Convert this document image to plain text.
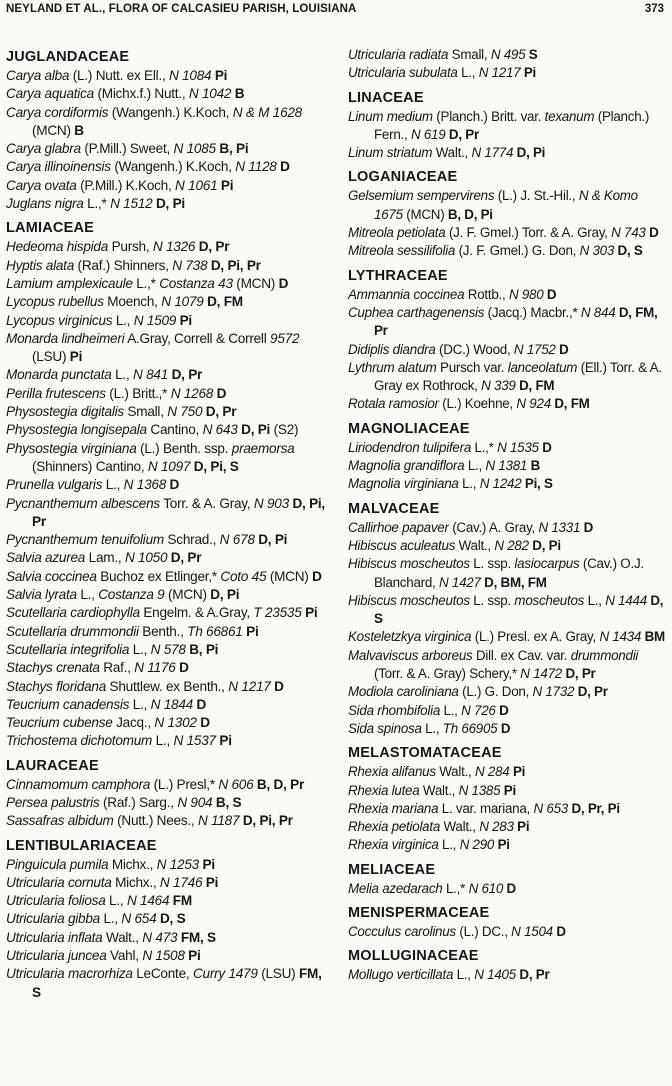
NEYLAND ET AL., FLORA OF CALCASIEU PARISH, LOUISIANA	373
JUGLANDACEAE
Carya alba (L.) Nutt. ex Ell., N 1084 Pi
Carya aquatica (Michx.f.) Nutt., N 1042 B
Carya cordiformis (Wangenh.) K.Koch, N & M 1628 (MCN) B
Carya glabra (P.Mill.) Sweet, N 1085 B, Pi
Carya illinoinensis (Wangenh.) K.Koch, N 1128 D
Carya ovata (P.Mill.) K.Koch, N 1061 Pi
Juglans nigra L.,* N 1512 D, Pi
LAMIACEAE
Hedeoma hispida Pursh, N 1326 D, Pr
Hyptis alata (Raf.) Shinners, N 738 D, Pi, Pr
Lamium amplexicaule L.,* Costanza 43 (MCN) D
Lycopus rubellus Moench, N 1079 D, FM
Lycopus virginicus L., N 1509 Pi
Monarda lindheimeri A.Gray, Correll & Correll 9572 (LSU) Pi
Monarda punctata L., N 841 D, Pr
Perilla frutescens (L.) Britt.,* N 1268 D
Physostegia digitalis Small, N 750 D, Pr
Physostegia longisepala Cantino, N 643 D, Pi (S2)
Physostegia virginiana (L.) Benth. ssp. praemorsa (Shinners) Cantino, N 1097 D, Pi, S
Prunella vulgaris L., N 1368 D
Pycnanthemum albescens Torr. & A. Gray, N 903 D, Pi, Pr
Pycnanthemum tenuifolium Schrad., N 678 D, Pi
Salvia azurea Lam., N 1050 D, Pr
Salvia coccinea Buchoz ex Etlinger,* Coto 45 (MCN) D
Salvia lyrata L., Costanza 9 (MCN) D, Pi
Scutellaria cardiophylla Engelm. & A.Gray, T 23535 Pi
Scutellaria drummondii Benth., Th 66861 Pi
Scutellaria integrifolia L., N 578 B, Pi
Stachys crenata Raf., N 1176 D
Stachys floridana Shuttlew. ex Benth., N 1217 D
Teucrium canadensis L., N 1844 D
Teucrium cubense Jacq., N 1302 D
Trichostema dichotomum L., N 1537 Pi
LAURACEAE
Cinnamomum camphora (L.) Presl,* N 606 B, D, Pr
Persea palustris (Raf.) Sarg., N 904 B, S
Sassafras albidum (Nutt.) Nees., N 1187 D, Pi, Pr
LENTIBULARIACEAE
Pinguicula pumila Michx., N 1253 Pi
Utricularia cornuta Michx., N 1746 Pi
Utricularia foliosa L., N 1464 FM
Utricularia gibba L., N 654 D, S
Utricularia inflata Walt., N 473 FM, S
Utricularia juncea Vahl, N 1508 Pi
Utricularia macrorhiza LeConte, Curry 1479 (LSU) FM, S
Utricularia radiata Small, N 495 S
Utricularia subulata L., N 1217 Pi
LINACEAE
Linum medium (Planch.) Britt. var. texanum (Planch.) Fern., N 619 D, Pr
Linum striatum Walt., N 1774 D, Pi
LOGANIACEAE
Gelsemium sempervirens (L.) J. St.-Hil., N & Komo 1675 (MCN) B, D, Pi
Mitreola petiolata (J. F. Gmel.) Torr. & A. Gray, N 743 D
Mitreola sessilifolia (J. F. Gmel.) G. Don, N 303 D, S
LYTHRACEAE
Ammannia coccinea Rottb., N 980 D
Cuphea carthagenensis (Jacq.) Macbr.,* N 844 D, FM, Pr
Didiplis diandra (DC.) Wood, N 1752 D
Lythrum alatum Pursch var. lanceolatum (Ell.) Torr. & A. Gray ex Rothrock, N 339 D, FM
Rotala ramosior (L.) Koehne, N 924 D, FM
MAGNOLIACEAE
Liriodendron tulipifera L.,* N 1535 D
Magnolia grandiflora L., N 1381 B
Magnolia virginiana L., N 1242 Pi, S
MALVACEAE
Callirhoe papaver (Cav.) A. Gray, N 1331 D
Hibiscus aculeatus Walt., N 282 D, Pi
Hibiscus moscheutos L. ssp. lasiocarpus (Cav.) O.J. Blanchard, N 1427 D, BM, FM
Hibiscus moscheutos L. ssp. moscheutos L., N 1444 D, S
Kosteletzkya virginica (L.) Presl. ex A. Gray, N 1434 BM
Malvaviscus arboreus Dill. ex Cav. var. drummondii (Torr. & A. Gray) Schery,* N 1472 D, Pr
Modiola caroliniana (L.) G. Don, N 1732 D, Pr
Sida rhombifolia L., N 726 D
Sida spinosa L., Th 66905 D
MELASTOMATACEAE
Rhexia alifanus Walt., N 284 Pi
Rhexia lutea Walt., N 1385 Pi
Rhexia mariana L. var. mariana, N 653 D, Pr, Pi
Rhexia petiolata Walt., N 283 Pi
Rhexia virginica L., N 290 Pi
MELIACEAE
Melia azedarach L.,* N 610 D
MENISPERMACEAE
Cocculus carolinus (L.) DC., N 1504 D
MOLLUGINACEAE
Mollugo verticillata L., N 1405 D, Pr
